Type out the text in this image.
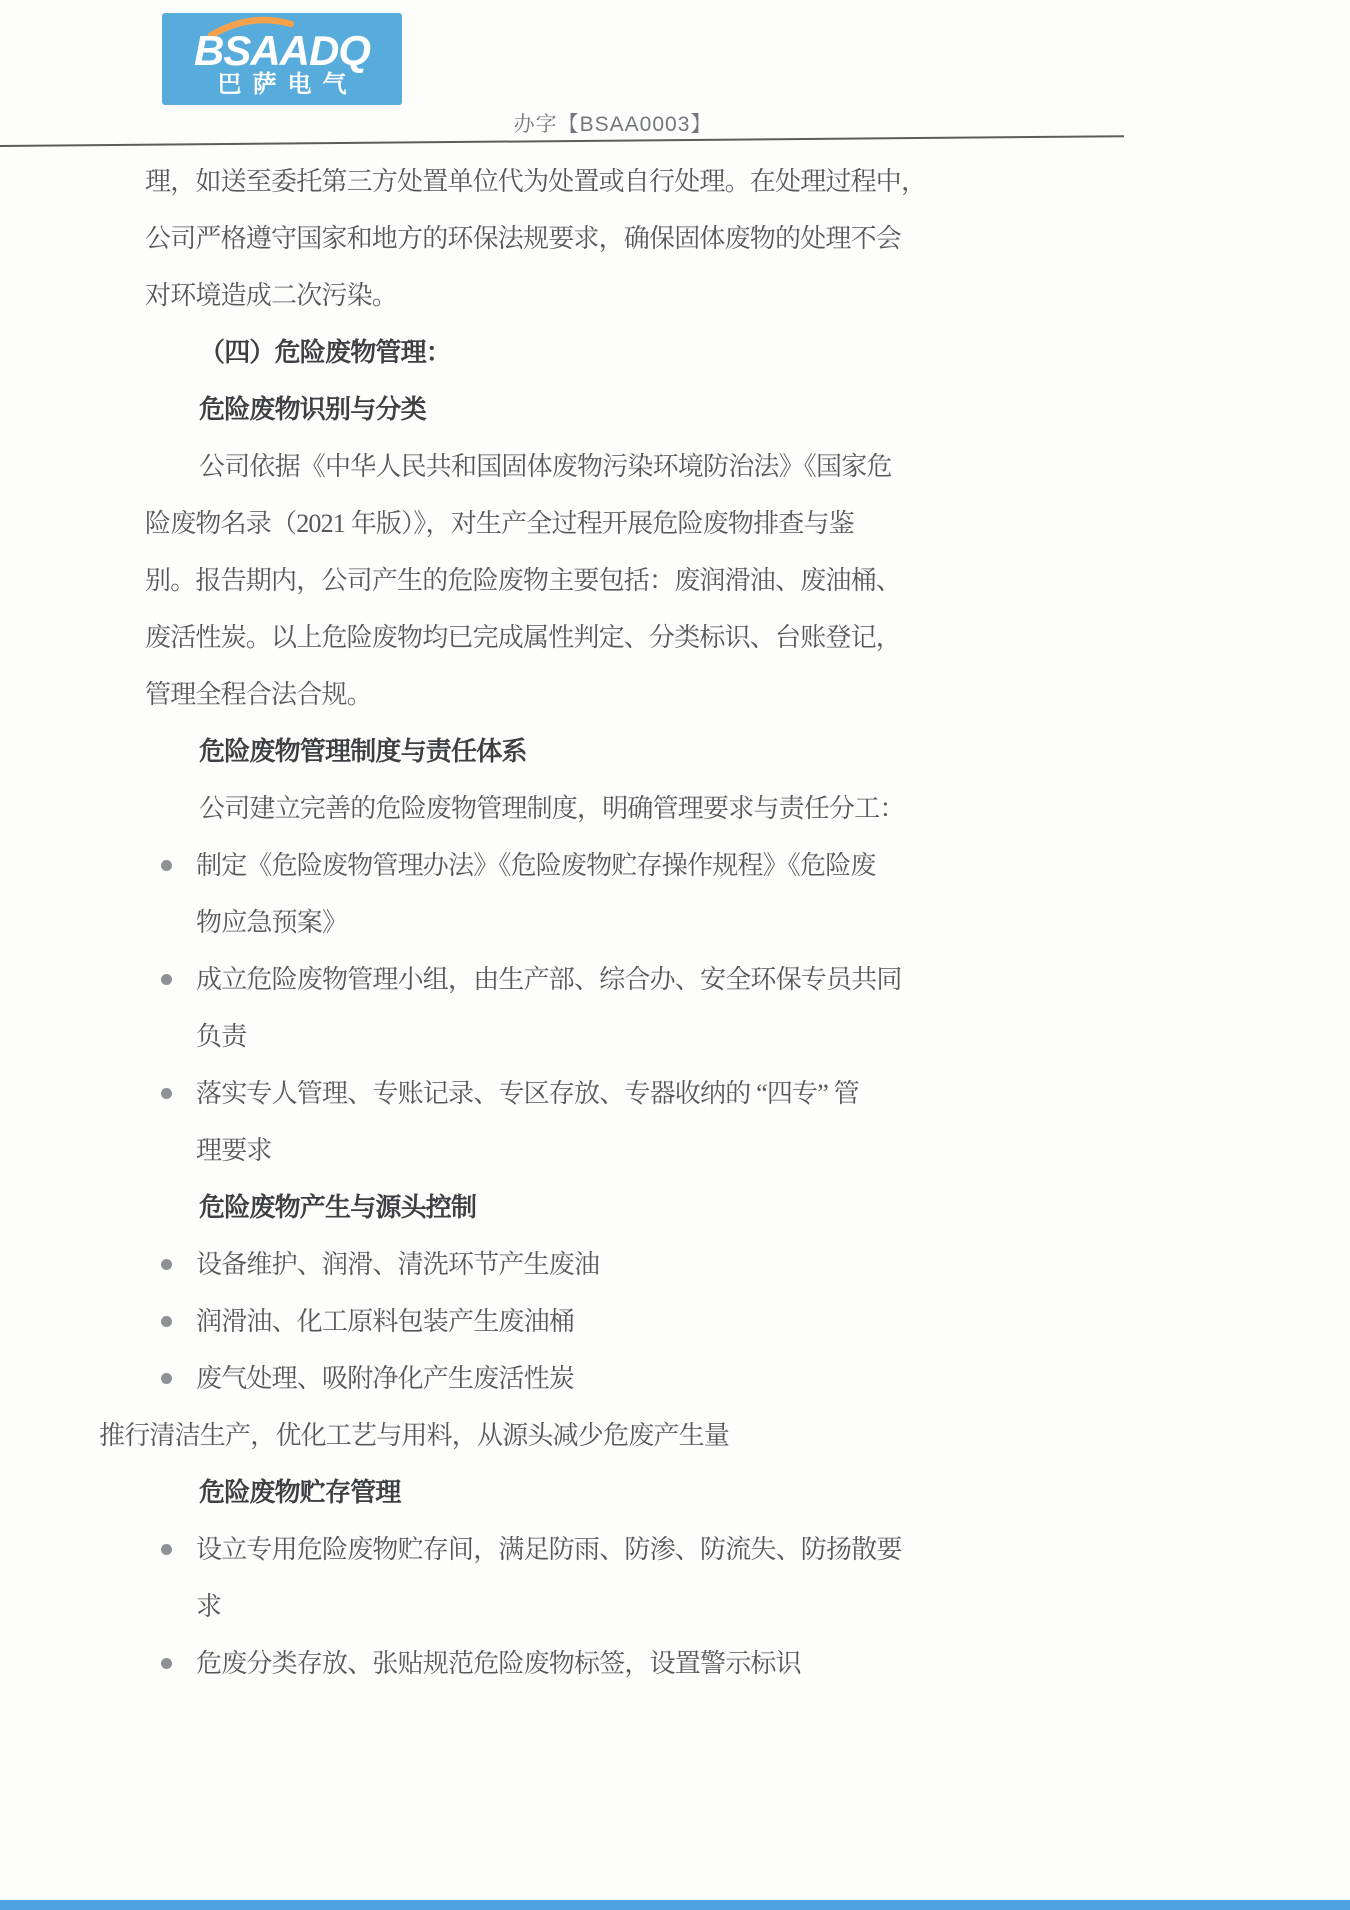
BSAADQ
巴萨电气
办字【BSAA0003】
理，如送至委托第三方处置单位代为处置或自行处理。在处理过程中，
公司严格遵守国家和地方的环保法规要求，确保固体废物的处理不会
对环境造成二次污染。
（四）危险废物管理：
危险废物识别与分类
公司依据《中华人民共和国固体废物污染环境防治法》《国家危
险废物名录（2021 年版）》，对生产全过程开展危险废物排查与鉴
别。报告期内，公司产生的危险废物主要包括：废润滑油、废油桶、
废活性炭。以上危险废物均已完成属性判定、分类标识、台账登记，
管理全程合法合规。
危险废物管理制度与责任体系
公司建立完善的危险废物管理制度，明确管理要求与责任分工：
制定《危险废物管理办法》《危险废物贮存操作规程》《危险废
物应急预案》
成立危险废物管理小组，由生产部、综合办、安全环保专员共同
负责
落实专人管理、专账记录、专区存放、专器收纳的 “四专” 管
理要求
危险废物产生与源头控制
设备维护、润滑、清洗环节产生废油
润滑油、化工原料包装产生废油桶
废气处理、吸附净化产生废活性炭
推行清洁生产，优化工艺与用料，从源头减少危废产生量
危险废物贮存管理
设立专用危险废物贮存间，满足防雨、防渗、防流失、防扬散要
求
危废分类存放、张贴规范危险废物标签，设置警示标识
